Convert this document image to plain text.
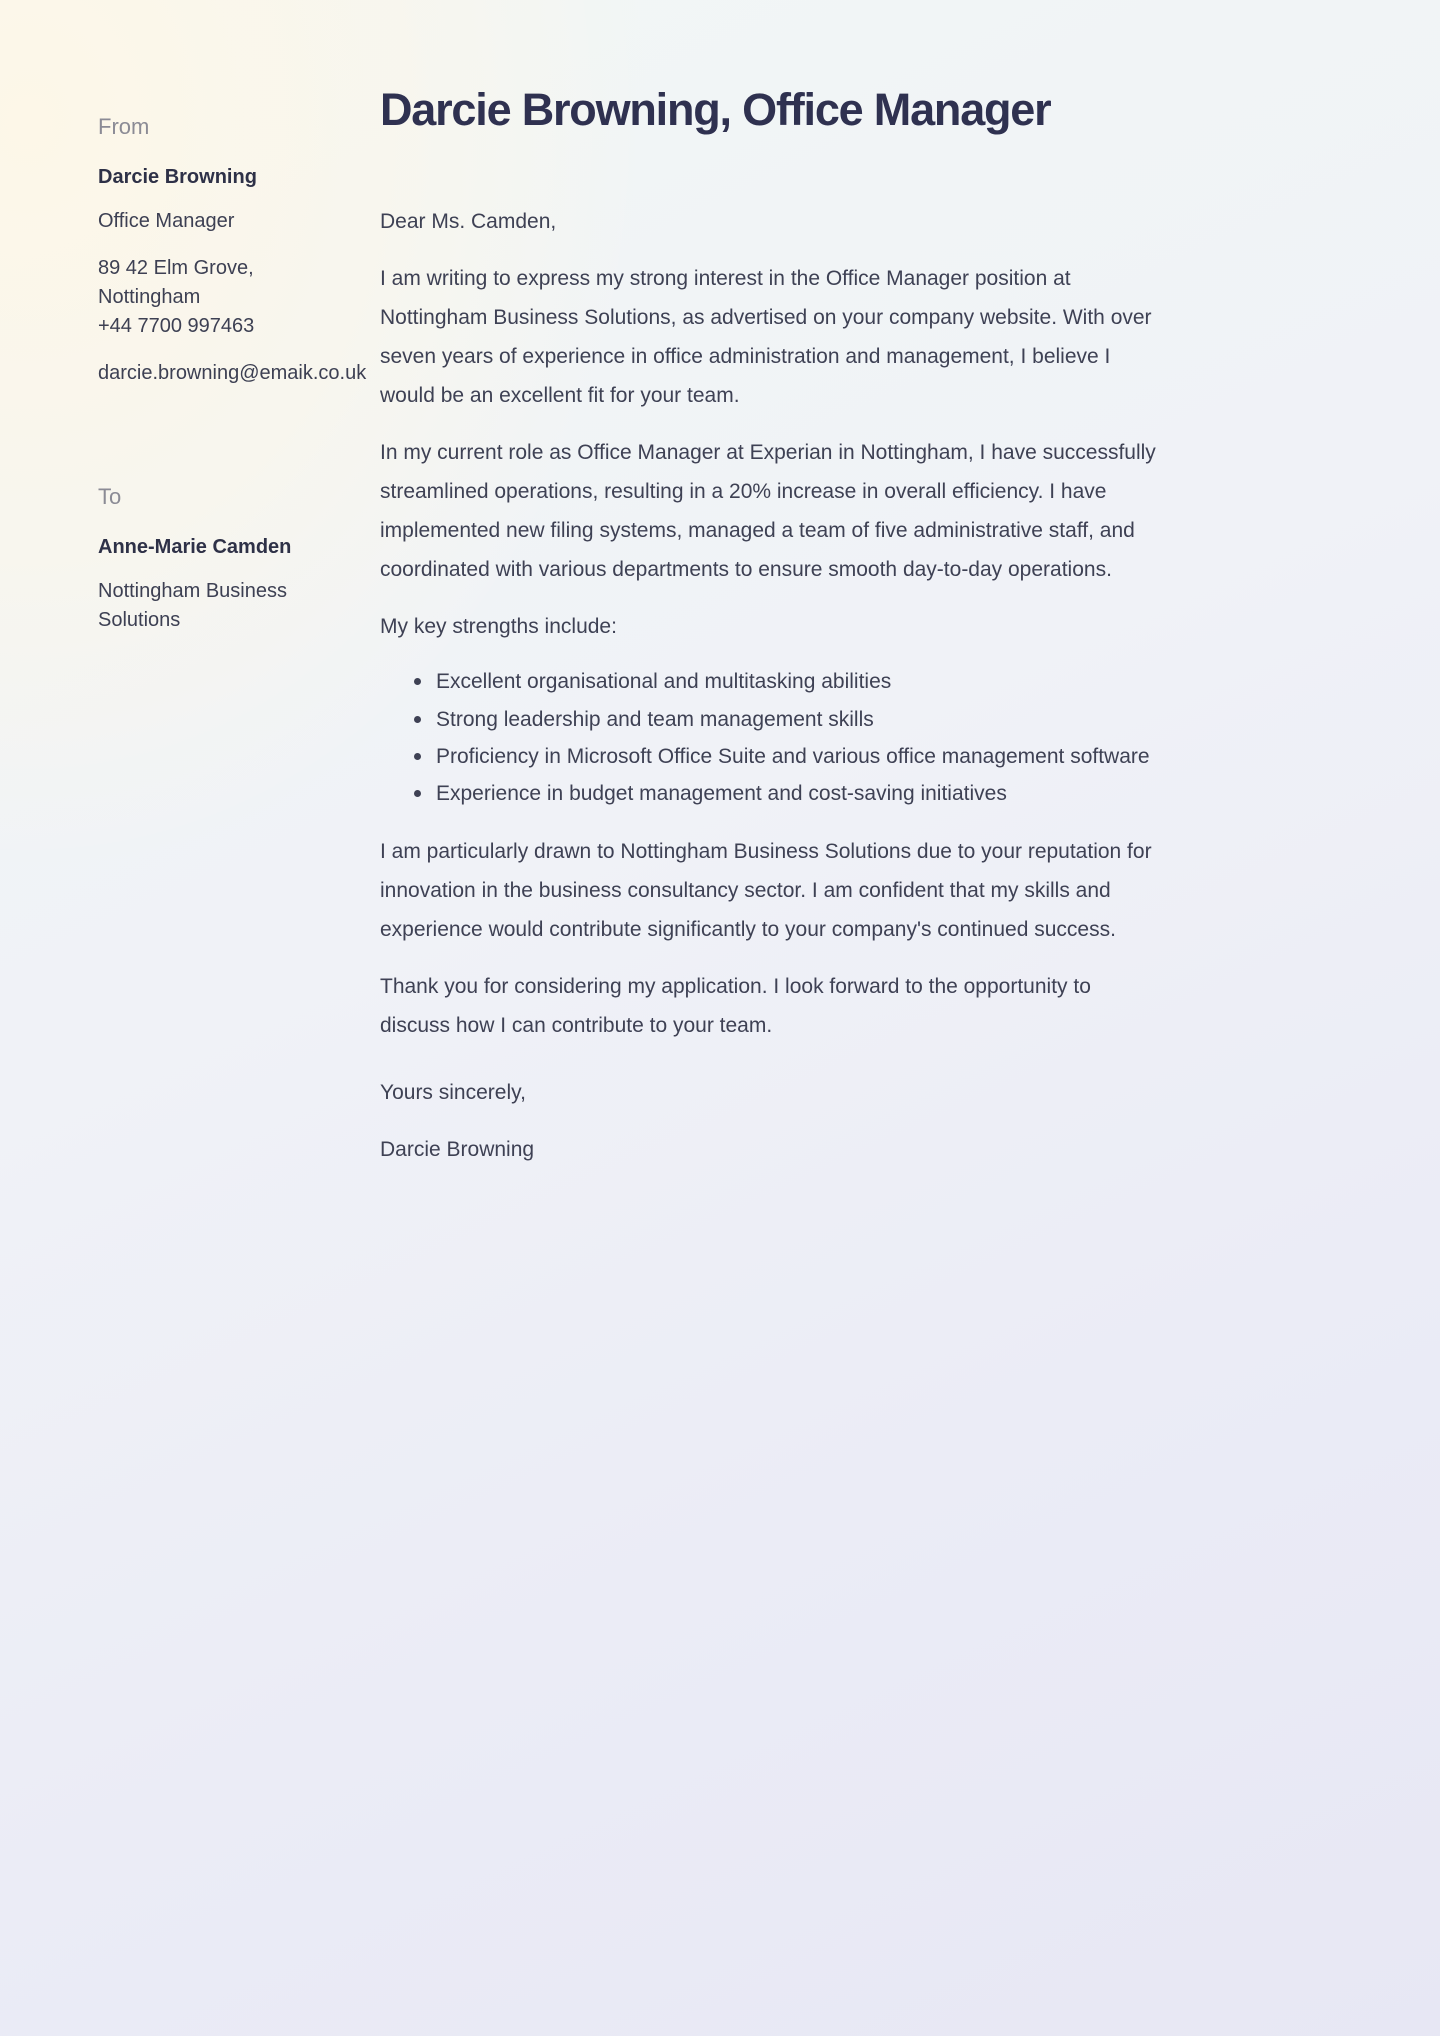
From
Darcie Browning
Office Manager
89 42 Elm Grove, Nottingham
+44 7700 997463
darcie.browning@emaik.co.uk
To
Anne-Marie Camden
Nottingham Business Solutions
Darcie Browning, Office Manager

Dear Ms. Camden,

I am writing to express my strong interest in the Office Manager position at Nottingham Business Solutions, as advertised on your company website. With over seven years of experience in office administration and management, I believe I would be an excellent fit for your team.

In my current role as Office Manager at Experian in Nottingham, I have successfully streamlined operations, resulting in a 20% increase in overall efficiency. I have implemented new filing systems, managed a team of five administrative staff, and coordinated with various departments to ensure smooth day-to-day operations.

My key strengths include:

Excellent organisational and multitasking abilities
Strong leadership and team management skills
Proficiency in Microsoft Office Suite and various office management software
Experience in budget management and cost-saving initiatives

I am particularly drawn to Nottingham Business Solutions due to your reputation for innovation in the business consultancy sector. I am confident that my skills and experience would contribute significantly to your company's continued success.

Thank you for considering my application. I look forward to the opportunity to discuss how I can contribute to your team.

Yours sincerely,

Darcie Browning
